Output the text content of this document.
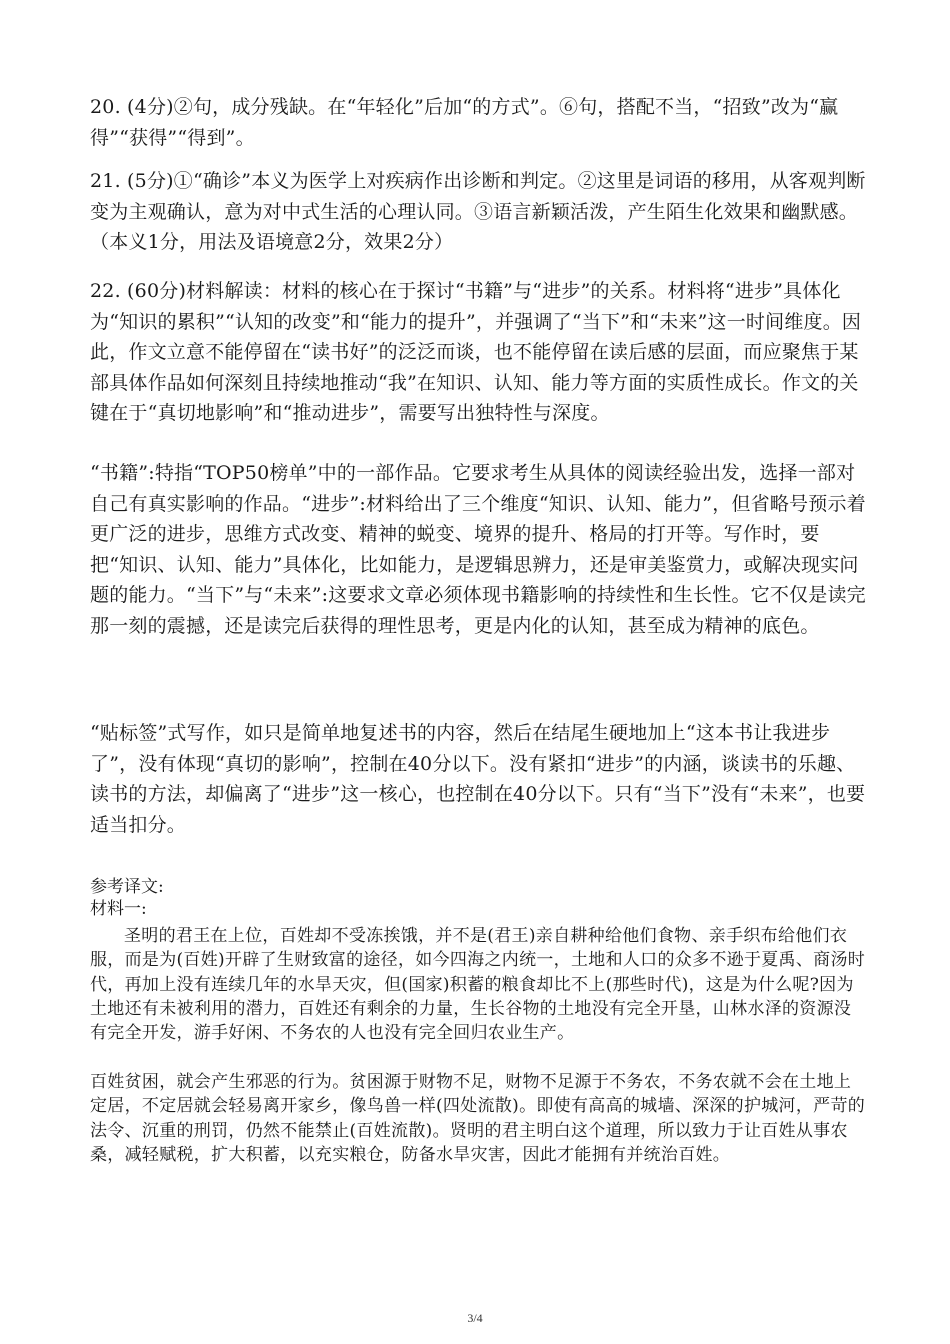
20. (4分)②句，成分残缺。在“年轻化”后加“的方式”。⑥句，搭配不当，“招致”改为“赢得”“获得”“得到”。

21. (5分)①“确诊”本义为医学上对疾病作出诊断和判定。②这里是词语的移用，从客观判断变为主观确认，意为对中式生活的心理认同。③语言新颖活泼，产生陌生化效果和幽默感。（本义1分，用法及语境意2分，效果2分）

22. (60分)材料解读：材料的核心在于探讨“书籍”与“进步”的关系。材料将“进步”具体化为“知识的累积”“认知的改变”和“能力的提升”，并强调了“当下”和“未来”这一时间维度。因此，作文立意不能停留在“读书好”的泛泛而谈，也不能停留在读后感的层面，而应聚焦于某部具体作品如何深刻且持续地推动“我”在知识、认知、能力等方面的实质性成长。作文的关键在于“真切地影响”和“推动进步”，需要写出独特性与深度。

“书籍”:特指“TOP50榜单”中的一部作品。它要求考生从具体的阅读经验出发，选择一部对自己有真实影响的作品。“进步”:材料给出了三个维度“知识、认知、能力”，但省略号预示着更广泛的进步，思维方式改变、精神的蜕变、境界的提升、格局的打开等。写作时，要把“知识、认知、能力”具体化，比如能力，是逻辑思辨力，还是审美鉴赏力，或解决现实问题的能力。“当下”与“未来”:这要求文章必须体现书籍影响的持续性和生长性。它不仅是读完那一刻的震撼，还是读完后获得的理性思考，更是内化的认知，甚至成为精神的底色。

“贴标签”式写作，如只是简单地复述书的内容，然后在结尾生硬地加上“这本书让我进步了”，没有体现“真切的影响”，控制在40分以下。没有紧扣“进步”的内涵，谈读书的乐趣、读书的方法，却偏离了“进步”这一核心，也控制在40分以下。只有“当下”没有“未来”，也要适当扣分。

参考译文:

材料一:

圣明的君王在上位，百姓却不受冻挨饿，并不是(君王)亲自耕种给他们食物、亲手织布给他们衣服，而是为(百姓)开辟了生财致富的途径，如今四海之内统一，土地和人口的众多不逊于夏禹、商汤时代，再加上没有连续几年的水旱天灾，但(国家)积蓄的粮食却比不上(那些时代)，这是为什么呢?因为土地还有未被利用的潜力，百姓还有剩余的力量，生长谷物的土地没有完全开垦，山林水泽的资源没有完全开发，游手好闲、不务农的人也没有完全回归农业生产。

百姓贫困，就会产生邪恶的行为。贫困源于财物不足，财物不足源于不务农，不务农就不会在土地上定居，不定居就会轻易离开家乡，像鸟兽一样(四处流散)。即使有高高的城墙、深深的护城河，严苛的法令、沉重的刑罚，仍然不能禁止(百姓流散)。贤明的君主明白这个道理，所以致力于让百姓从事农桑，减轻赋税，扩大积蓄，以充实粮仓，防备水旱灾害，因此才能拥有并统治百姓。

3/4
